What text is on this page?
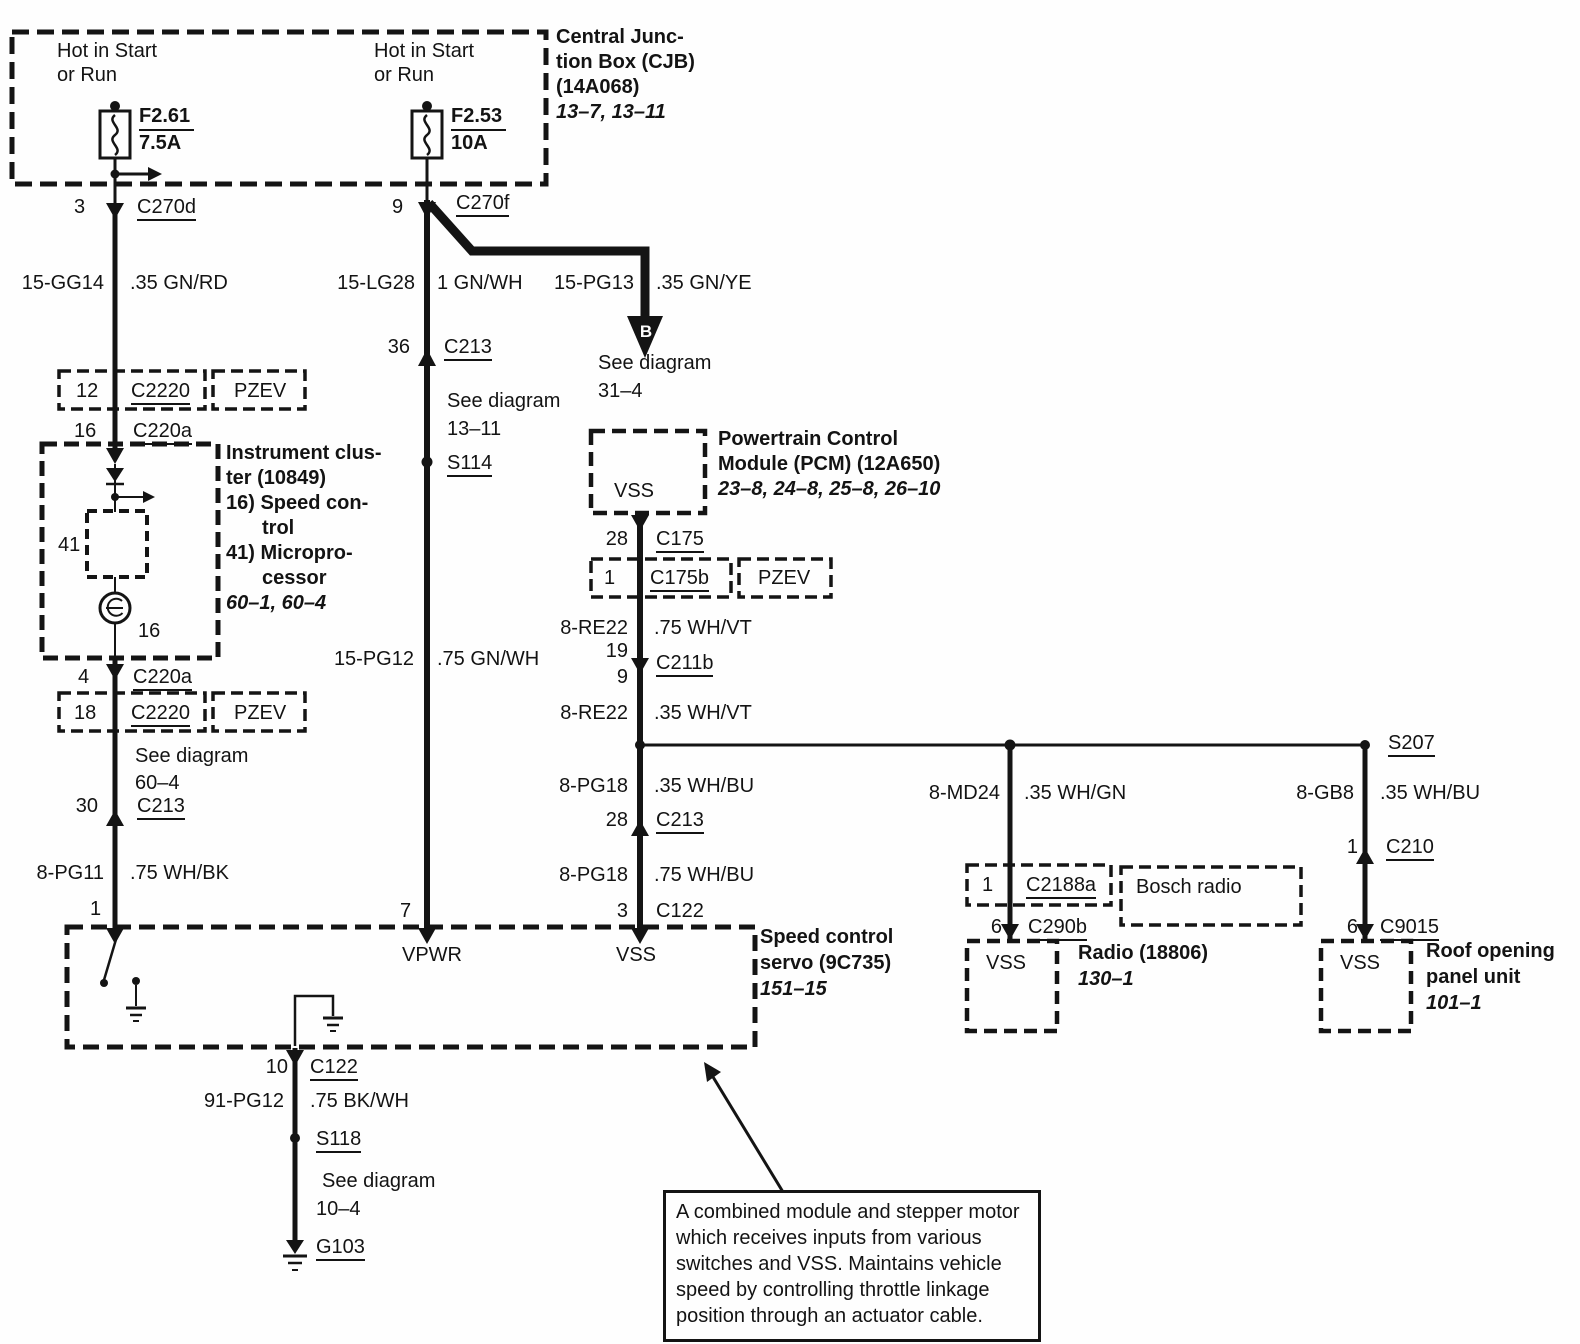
Hot in Start
or Run
Hot in Start
or Run
$\frac{F2.61}{7.5A}$	$\frac{F2.53}{10A}$
Central Junc-
tion Box (CJB)
(14A068)
13–7, 13–11
3	C270d
15-GG14 .35 GN/RD
12 C2220 PZEV
16 C220a
Instrument clus-
ter (10849)
16) Speed con-
trol
41) Micropro-
cessor
60–1, 60–4
41
16
4 C220a
18 C2220 PZEV
See diagram
60–4
30 C213
8-PG11 .75 WH/BK
1
9	C270f
15-LG28 1 GN/WH 15-PG13 .35 GN/YE
B
See diagram
31–4
36 C213
See diagram
13–11
S114
15-PG12 .75 GN/WH
7
VSS
Powertrain Control
Module (PCM) (12A650)
23–8, 24–8, 25–8, 26–10
28 C175
1 C175b PZEV
8-RE22 .75 WH/VT
19
9
C211b
8-RE22 .35 WH/VT
8-PG18 .35 WH/BU
28 C213
8-PG18 .75 WH/BU
3 C122
VPWR	VSS
Speed control
servo (9C735)
151–15
10 C122
91-PG12 .75 BK/WH
S118
See diagram
10–4
G103
8-MD24 .35 WH/GN
1 C2188a Bosch radio
6 C290b
VSS	Radio (18806)
130–1
S207
8-GB8 .35 WH/BU
1 C210
6 C9015
VSS
Roof opening
panel unit
101–1
A combined module and stepper motor
which receives inputs from various
switches and VSS. Maintains vehicle
speed by controlling throttle linkage
position through an actuator cable.
